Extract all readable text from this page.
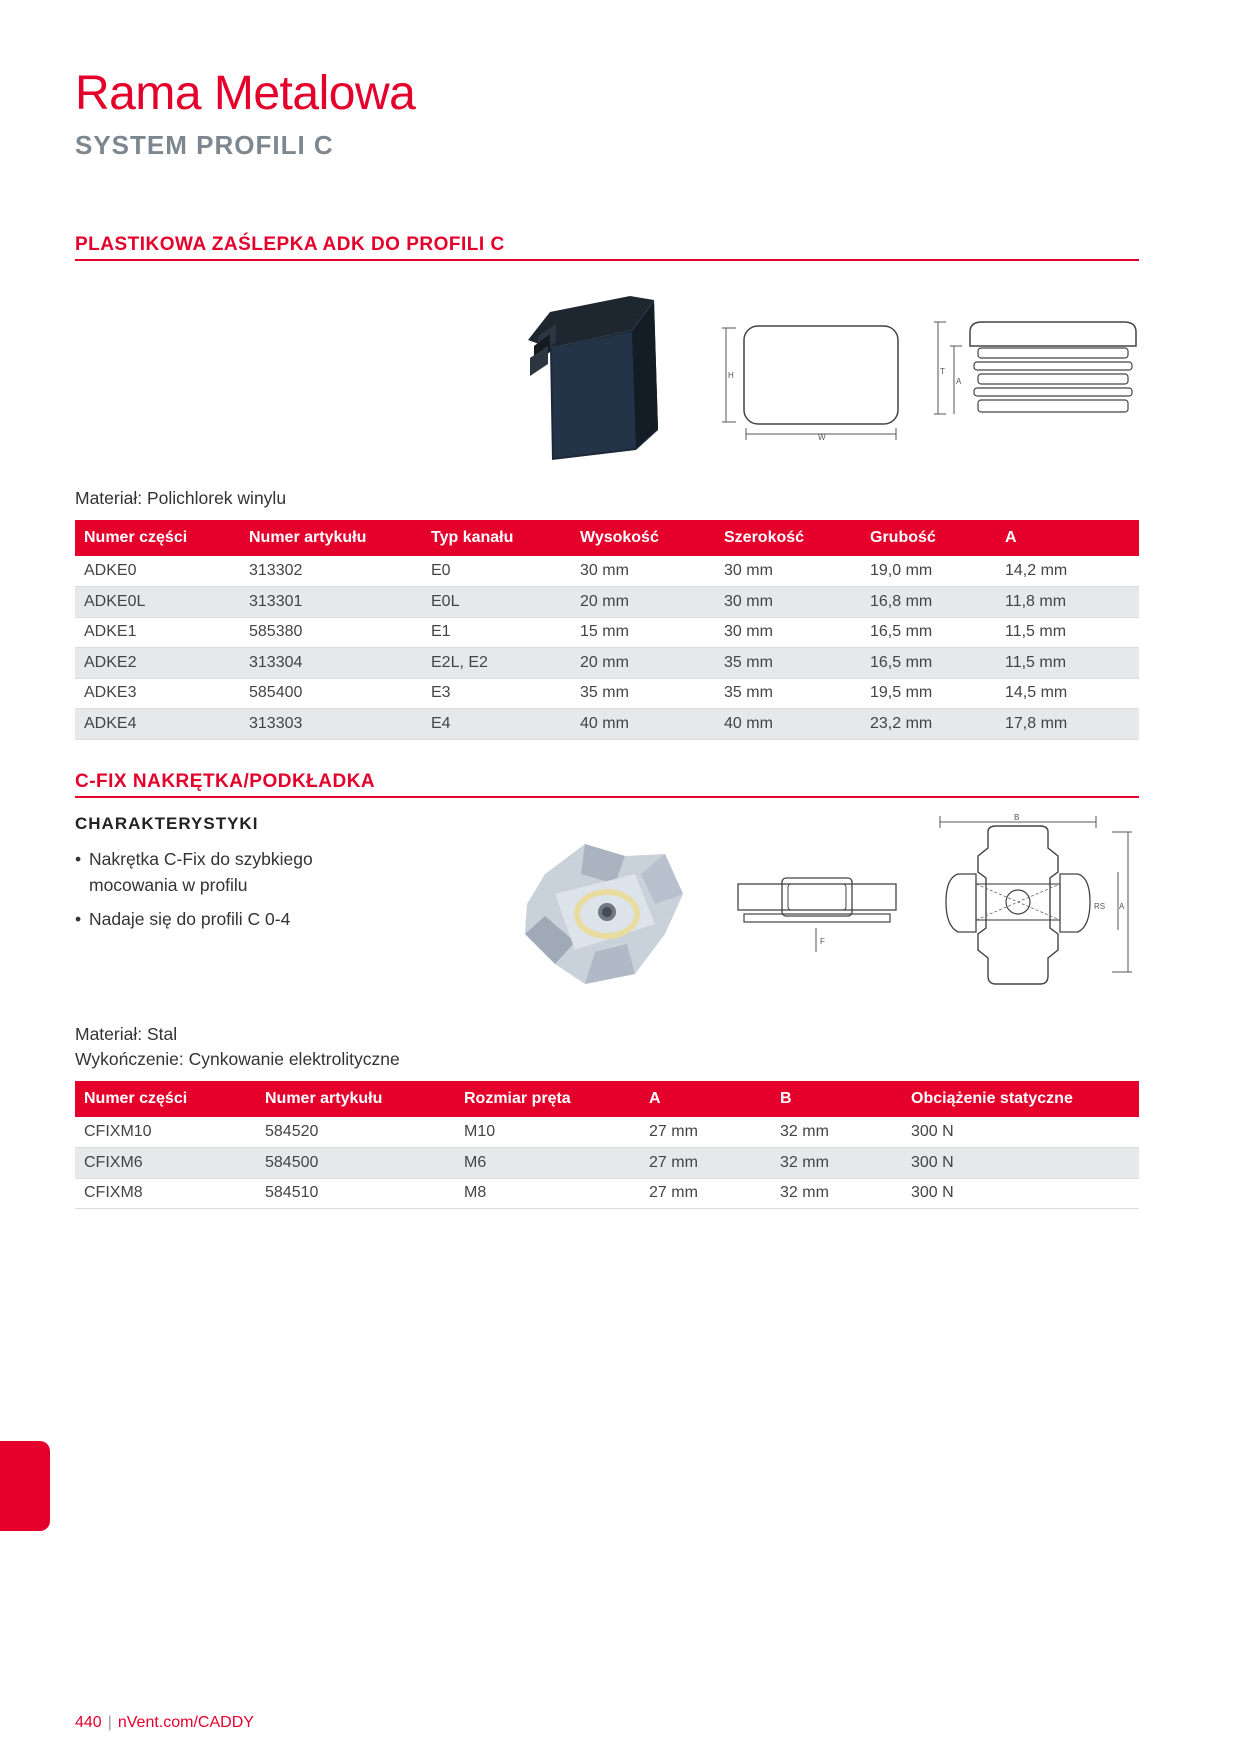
Rama Metalowa
SYSTEM PROFILI C
PLASTIKOWA ZAŚLEPKA ADK DO PROFILI C
H
W
T
A
Materiał: Polichlorek winylu
Numer części	Numer artykułu	Typ kanału	Wysokość	Szerokość	Grubość	A
ADKE0	313302	E0	30 mm	30 mm	19,0 mm	14,2 mm
ADKE0L	313301	E0L	20 mm	30 mm	16,8 mm	11,8 mm
ADKE1	585380	E1	15 mm	30 mm	16,5 mm	11,5 mm
ADKE2	313304	E2L, E2	20 mm	35 mm	16,5 mm	11,5 mm
ADKE3	585400	E3	35 mm	35 mm	19,5 mm	14,5 mm
ADKE4	313303	E4	40 mm	40 mm	23,2 mm	17,8 mm
C-FIX NAKRĘTKA/PODKŁADKA
CHARAKTERYSTYKI
• Nakrętka C-Fix do szybkiego mocowania w profilu
• Nadaje się do profili C 0-4
F
B
RS A
Materiał: Stal
Wykończenie: Cynkowanie elektrolityczne
Numer części	Numer artykułu	Rozmiar pręta	A	B	Obciążenie statyczne
CFIXM10	584520	M10	27 mm	32 mm	300 N
CFIXM6	584500	M6	27 mm	32 mm	300 N
CFIXM8	584510	M8	27 mm	32 mm	300 N
440 | nVent.com/CADDY
